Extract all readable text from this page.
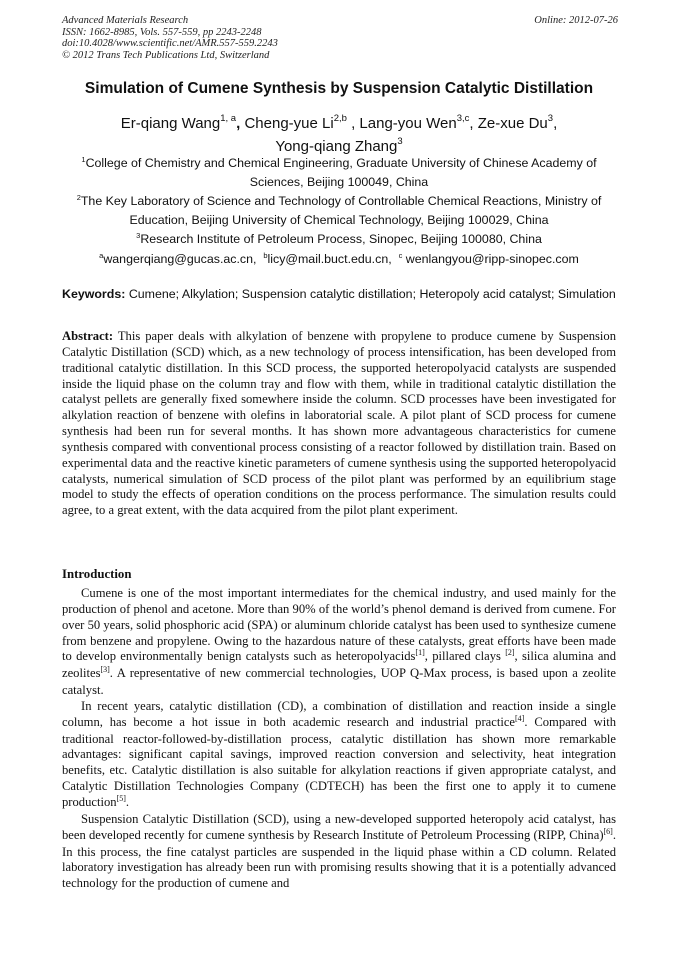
Advanced Materials Research	Online: 2012-07-26
ISSN: 1662-8985, Vols. 557-559, pp 2243-2248
doi:10.4028/www.scientific.net/AMR.557-559.2243
© 2012 Trans Tech Publications Ltd, Switzerland
Simulation of Cumene Synthesis by Suspension Catalytic Distillation
Er-qiang Wang$^{1, a}$, Cheng-yue Li$^{2,b}$ , Lang-you Wen$^{3,c}$, Ze-xue Du$^3$,
Yong-qiang Zhang$^3$
$^1$College of Chemistry and Chemical Engineering, Graduate University of Chinese Academy of Sciences, Beijing 100049, China
$^2$The Key Laboratory of Science and Technology of Controllable Chemical Reactions, Ministry of Education, Beijing University of Chemical Technology, Beijing 100029, China
$^3$Research Institute of Petroleum Process, Sinopec, Beijing 100080, China
$^a$wangerqiang@gucas.ac.cn, $^b$licy@mail.buct.edu.cn, $^c$ wenlangyou@ripp-sinopec.com
Keywords: Cumene; Alkylation; Suspension catalytic distillation; Heteropoly acid catalyst; Simulation
Abstract: This paper deals with alkylation of benzene with propylene to produce cumene by Suspension Catalytic Distillation (SCD) which, as a new technology of process intensification, has been developed from traditional catalytic distillation. In this SCD process, the supported heteropolyacid catalysts are suspended inside the liquid phase on the column tray and flow with them, while in traditional catalytic distillation the catalyst pellets are generally fixed somewhere inside the column. SCD processes have been investigated for alkylation reaction of benzene with olefins in laboratorial scale. A pilot plant of SCD process for cumene synthesis had been run for several months. It has shown more advantageous characteristics for cumene synthesis compared with conventional process consisting of a reactor followed by distillation train. Based on experimental data and the reactive kinetic parameters of cumene synthesis using the supported heteropolyacid catalysts, numerical simulation of SCD process of the pilot plant was performed by an equilibrium stage model to study the effects of operation conditions on the process performance. The simulation results could agree, to a great extent, with the data acquired from the pilot plant experiment.
Introduction

Cumene is one of the most important intermediates for the chemical industry, and used mainly for the production of phenol and acetone. More than 90% of the world’s phenol demand is derived from cumene. For over 50 years, solid phosphoric acid (SPA) or aluminum chloride catalyst has been used to synthesize cumene from benzene and propylene. Owing to the hazardous nature of these catalysts, great efforts have been made to develop environmentally benign catalysts such as heteropolyacids[1], pillared clays [2], silica alumina and zeolites[3]. A representative of new commercial technologies, UOP Q-Max process, is based upon a zeolite catalyst.

In recent years, catalytic distillation (CD), a combination of distillation and reaction inside a single column, has become a hot issue in both academic research and industrial practice[4]. Compared with traditional reactor-followed-by-distillation process, catalytic distillation has shown more remarkable advantages: significant capital savings, improved reaction conversion and selectivity, heat integration benefits, etc. Catalytic distillation is also suitable for alkylation reactions if given appropriate catalyst, and Catalytic Distillation Technologies Company (CDTECH) has been the first one to apply it to cumene production[5].

Suspension Catalytic Distillation (SCD), using a new-developed supported heteropoly acid catalyst, has been developed recently for cumene synthesis by Research Institute of Petroleum Processing (RIPP, China)[6]. In this process, the fine catalyst particles are suspended in the liquid phase within a CD column. Related laboratory investigation has already been run with promising results showing that it is a potentially advanced technology for the production of cumene and
